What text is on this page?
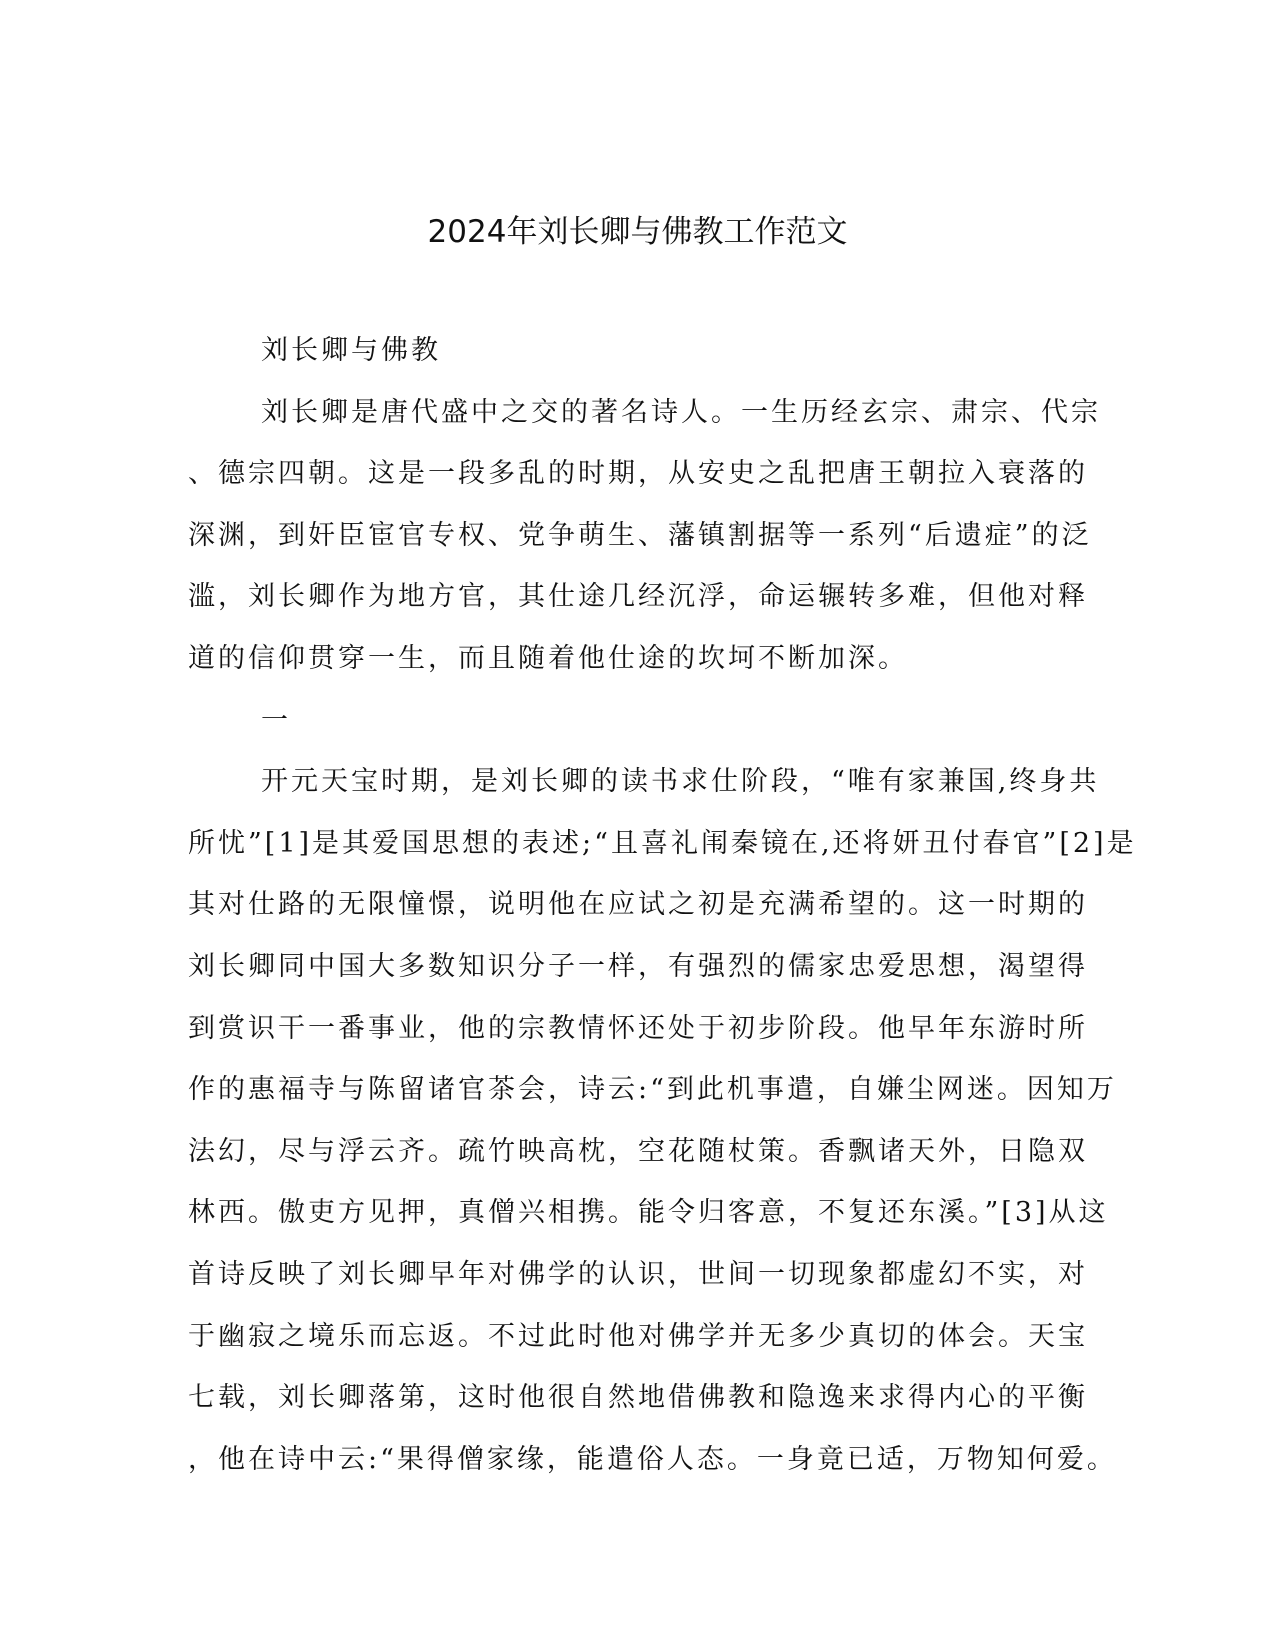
2024年刘长卿与佛教工作范文
刘长卿与佛教
刘长卿是唐代盛中之交的著名诗人。一生历经玄宗、肃宗、代宗
、德宗四朝。这是一段多乱的时期，从安史之乱把唐王朝拉入衰落的
深渊，到奸臣宦官专权、党争萌生、藩镇割据等一系列“后遗症”的泛
滥，刘长卿作为地方官，其仕途几经沉浮，命运辗转多难，但他对释
道的信仰贯穿一生，而且随着他仕途的坎坷不断加深。
一
开元天宝时期，是刘长卿的读书求仕阶段，“唯有家兼国,终身共
所忧”[1]是其爱国思想的表述;“且喜礼闱秦镜在,还将妍丑付春官”[2]是
其对仕路的无限憧憬，说明他在应试之初是充满希望的。这一时期的
刘长卿同中国大多数知识分子一样，有强烈的儒家忠爱思想，渴望得
到赏识干一番事业，他的宗教情怀还处于初步阶段。他早年东游时所
作的惠福寺与陈留诸官茶会，诗云:“到此机事遣，自嫌尘网迷。因知万
法幻，尽与浮云齐。疏竹映高枕，空花随杖策。香飘诸天外，日隐双
林西。傲吏方见押，真僧兴相携。能令归客意，不复还东溪。”[3]从这
首诗反映了刘长卿早年对佛学的认识，世间一切现象都虚幻不实，对
于幽寂之境乐而忘返。不过此时他对佛学并无多少真切的体会。天宝
七载，刘长卿落第，这时他很自然地借佛教和隐逸来求得内心的平衡
，他在诗中云:“果得僧家缘，能遣俗人态。一身竟已适，万物知何爱。
